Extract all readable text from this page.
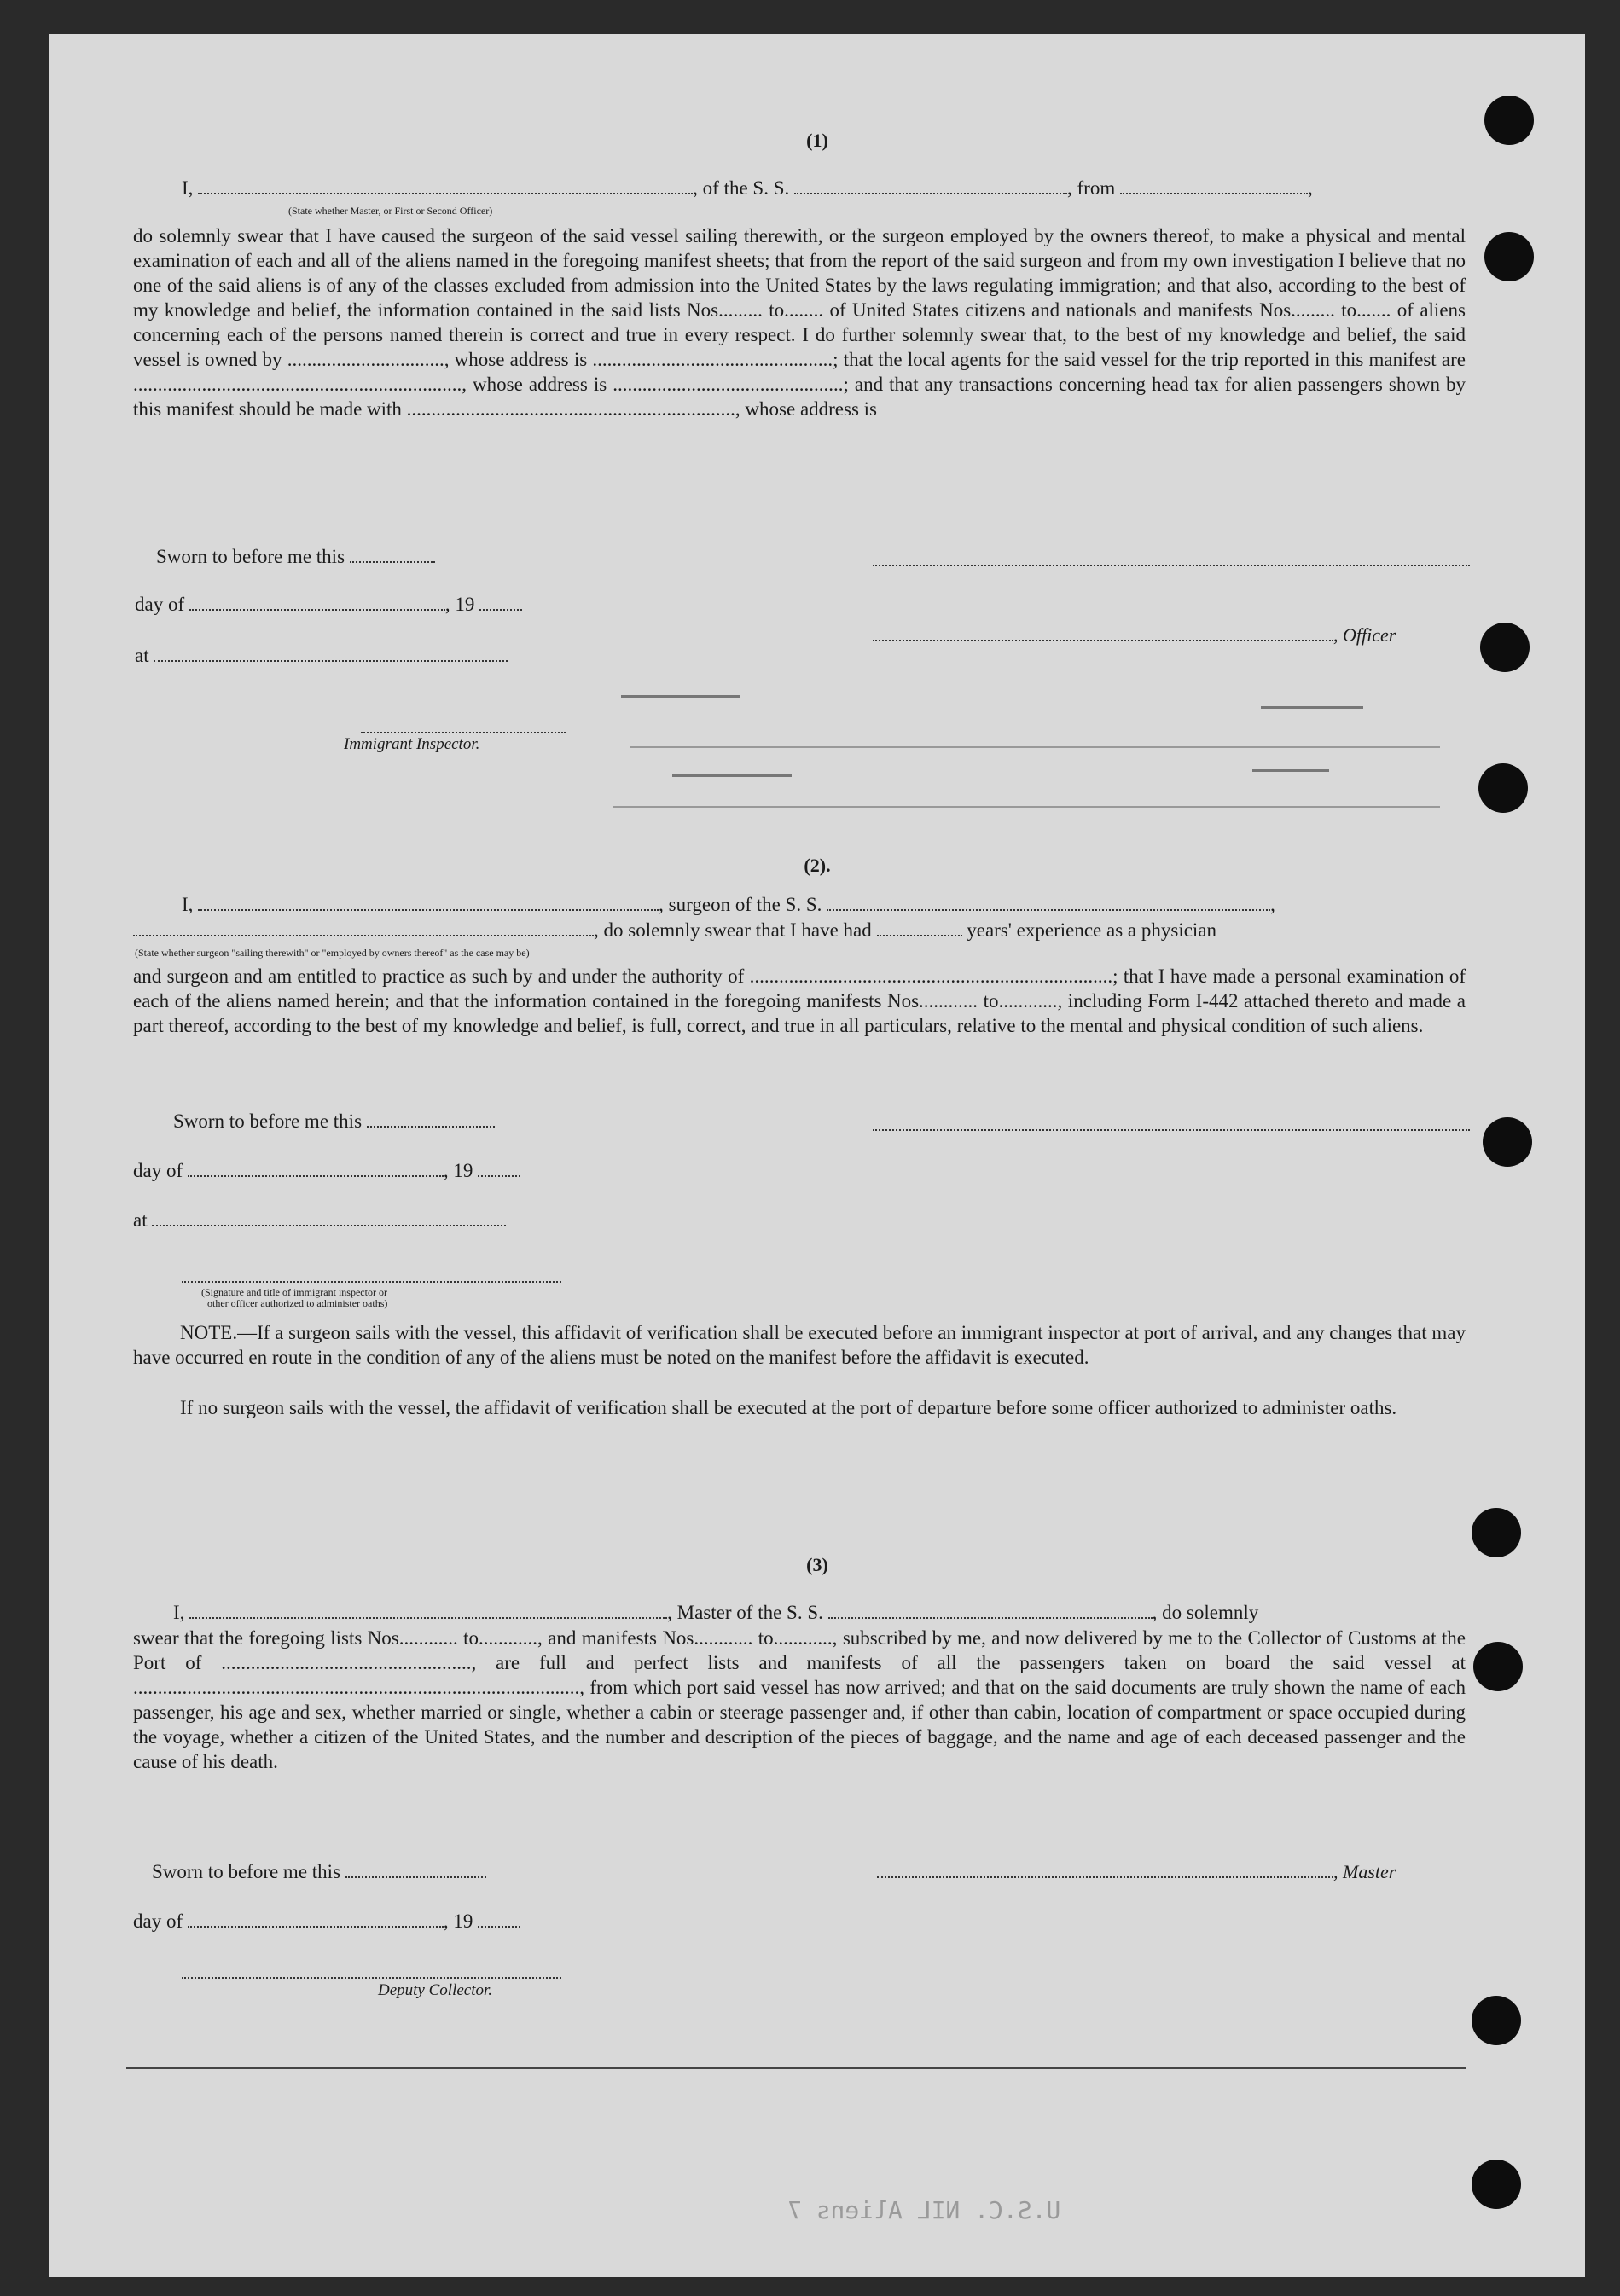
(1)
I,	, of the S. S.	, from	,
(State whether Master, or First or Second Officer)
do solemnly swear that I have caused the surgeon of the said vessel sailing therewith, or the surgeon employed by the owners thereof, to make a physical and mental examination of each and all of the aliens named in the foregoing manifest sheets; that from the report of the said surgeon and from my own investigation I believe that no one of the said aliens is of any of the classes excluded from admission into the United States by the laws regulating immigration; and that also, according to the best of my knowledge and belief, the information contained in the said lists Nos......... to........ of United States citizens and nationals and manifests Nos......... to....... of aliens concerning each of the persons named therein is correct and true in every respect. I do further solemnly swear that, to the best of my knowledge and belief, the said vessel is owned by ................................, whose address is .................................................; that the local agents for the said vessel for the trip reported in this manifest are ..................................................................., whose address is ...............................................; and that any transactions concerning head tax for alien passengers shown by this manifest should be made with ..................................................................., whose address is
Sworn to before me this
day of	, 19
at
, Officer
Immigrant Inspector.
(2).
I,	, surgeon of the S. S.	,
, do solemnly swear that I have had	years' experience as a physician
(State whether surgeon "sailing therewith" or "employed by owners thereof" as the case may be)
and surgeon and am entitled to practice as such by and under the authority of ..........................................................................; that I have made a personal examination of each of the aliens named herein; and that the information contained in the foregoing manifests Nos............ to............, including Form I-442 attached thereto and made a part thereof, according to the best of my knowledge and belief, is full, correct, and true in all particulars, relative to the mental and physical condition of such aliens.
Sworn to before me this
day of	, 19
at
(Signature and title of immigrant inspector or
other officer authorized to administer oaths)
NOTE.—If a surgeon sails with the vessel, this affidavit of verification shall be executed before an immigrant inspector at port of arrival, and any changes that may have occurred en route in the condition of any of the aliens must be noted on the manifest before the affidavit is executed.
If no surgeon sails with the vessel, the affidavit of verification shall be executed at the port of departure before some officer authorized to administer oaths.
(3)
I,	, Master of the S. S.	, do solemnly
swear that the foregoing lists Nos............ to............, and manifests Nos............ to............, subscribed by me, and now delivered by me to the Collector of Customs at the Port of ..................................................., are full and perfect lists and manifests of all the passengers taken on board the said vessel at ..........................................................................................., from which port said vessel has now arrived; and that on the said documents are truly shown the name of each passenger, his age and sex, whether married or single, whether a cabin or steerage passenger and, if other than cabin, location of compartment or space occupied during the voyage, whether a citizen of the United States, and the number and description of the pieces of baggage, and the name and age of each deceased passenger and the cause of his death.
Sworn to before me this	, Master
day of	, 19
Deputy Collector.
U.S.C. NIL Aliens 7
